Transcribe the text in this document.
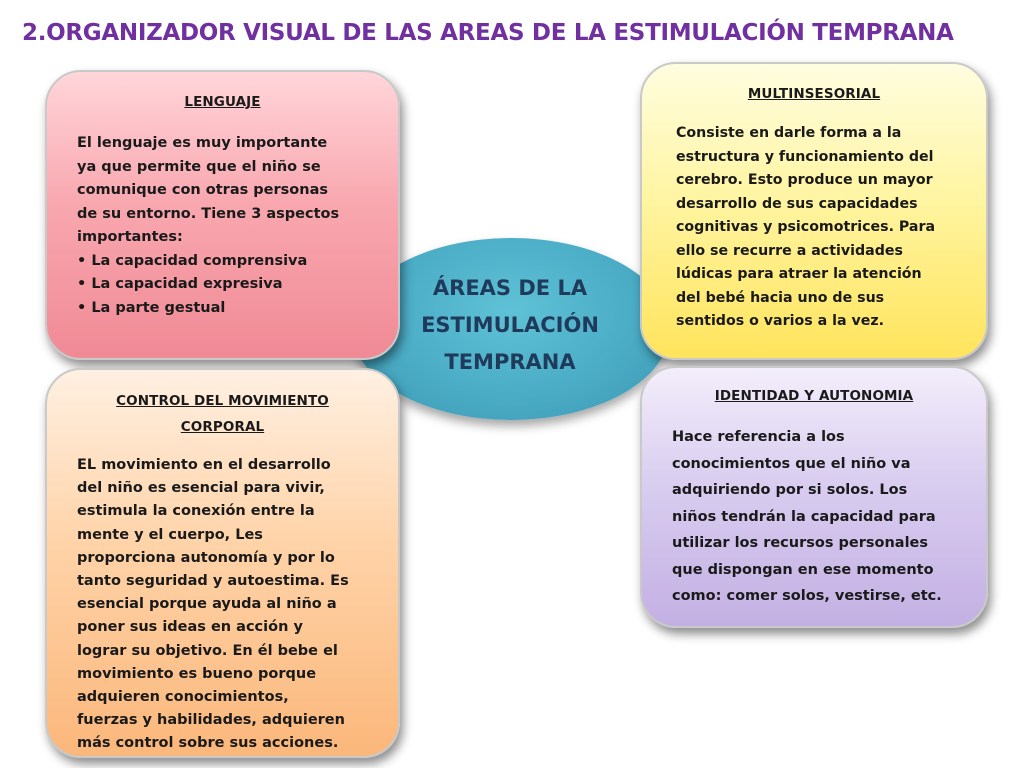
2.ORGANIZADOR VISUAL DE LAS AREAS DE LA ESTIMULACIÓN TEMPRANA
ÁREAS DE LA
ESTIMULACIÓN
TEMPRANA
LENGUAJE
El lenguaje es muy importante
ya que permite que el niño se
comunique con otras personas
de su entorno. Tiene 3 aspectos
importantes:
• La capacidad comprensiva
• La capacidad expresiva
• La parte gestual
MULTINSESORIAL
Consiste en darle forma a la
estructura y funcionamiento del
cerebro. Esto produce un mayor
desarrollo de sus capacidades
cognitivas y psicomotrices. Para
ello se recurre a actividades
lúdicas para atraer la atención
del bebé hacia uno de sus
sentidos o varios a la vez.
CONTROL DEL MOVIMIENTO
CORPORAL
EL movimiento en el desarrollo
del niño es esencial para vivir,
estimula la conexión entre la
mente y el cuerpo, Les
proporciona autonomía y por lo
tanto seguridad y autoestima. Es
esencial porque ayuda al niño a
poner sus ideas en acción y
lograr su objetivo. En él bebe el
movimiento es bueno porque
adquieren conocimientos,
fuerzas y habilidades, adquieren
más control sobre sus acciones.
IDENTIDAD Y AUTONOMIA
Hace referencia a los
conocimientos que el niño va
adquiriendo por si solos. Los
niños tendrán la capacidad para
utilizar los recursos personales
que dispongan en ese momento
como: comer solos, vestirse, etc.
